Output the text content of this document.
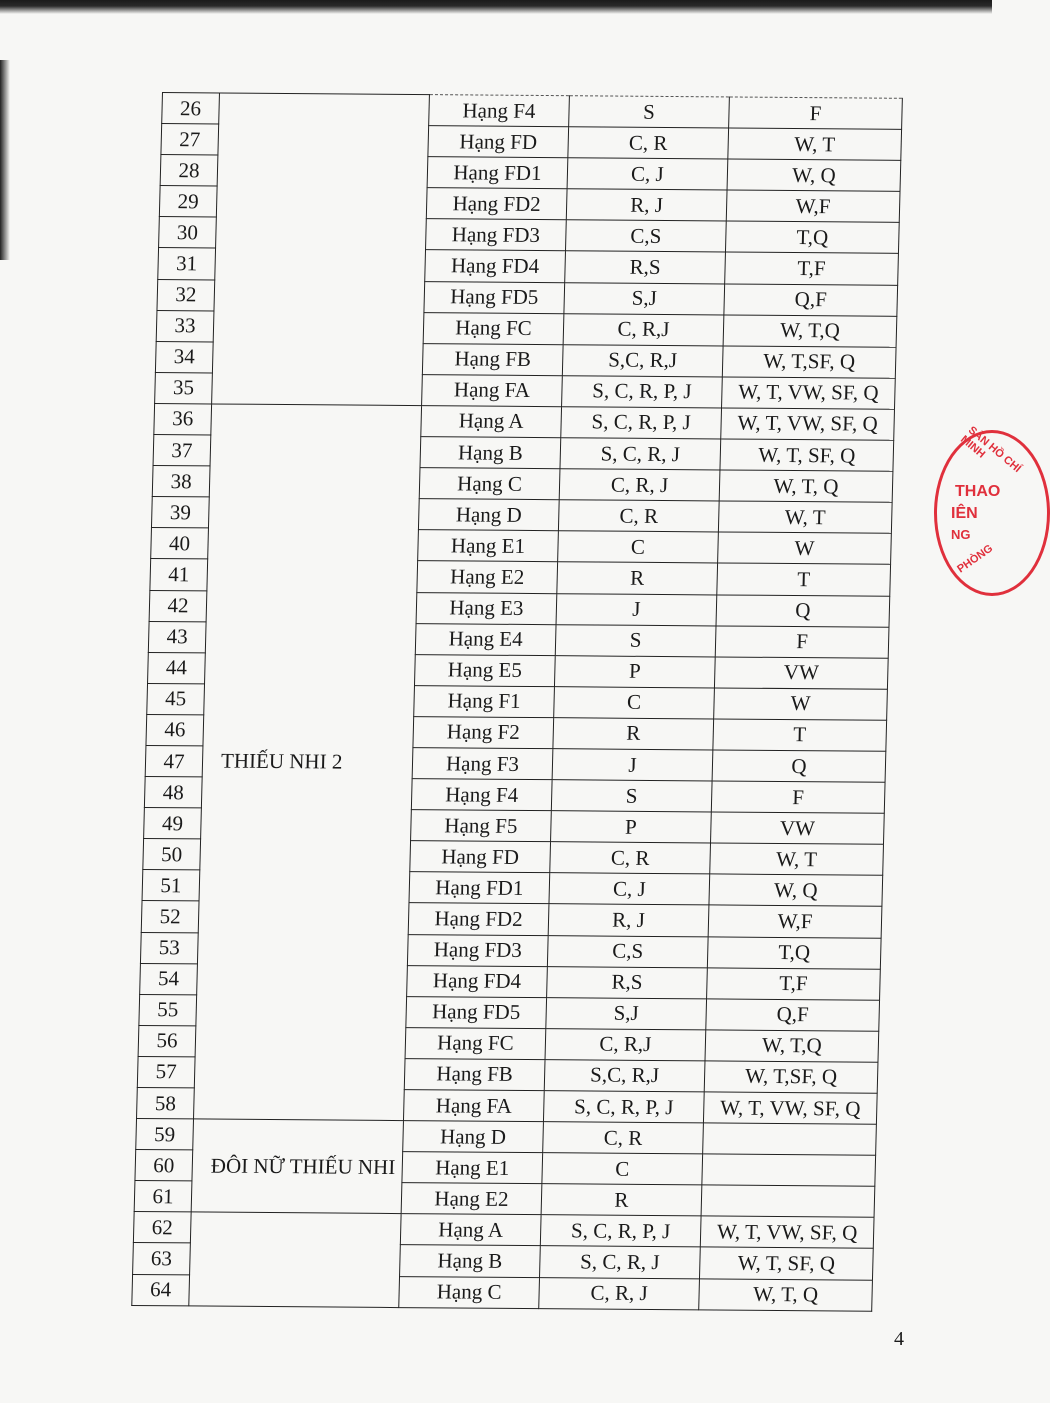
26		Hạng F4	S	F
27		Hạng FD	C, R	W, T
28		Hạng FD1	C, J	W, Q
29		Hạng FD2	R, J	W,F
30		Hạng FD3	C,S	T,Q
31		Hạng FD4	R,S	T,F
32		Hạng FD5	S,J	Q,F
33		Hạng FC	C, R,J	W, T,Q
34		Hạng FB	S,C, R,J	W, T,SF, Q
35		Hạng FA	S, C, R, P, J	W, T, VW, SF, Q
36	THIẾU NHI 2	Hạng A	S, C, R, P, J	W, T, VW, SF, Q
37		Hạng B	S, C, R, J	W, T, SF, Q
38		Hạng C	C, R, J	W, T, Q
39		Hạng D	C, R	W, T
40		Hạng E1	C	W
41		Hạng E2	R	T
42		Hạng E3	J	Q
43		Hạng E4	S	F
44		Hạng E5	P	VW
45		Hạng F1	C	W
46		Hạng F2	R	T
47		Hạng F3	J	Q
48		Hạng F4	S	F
49		Hạng F5	P	VW
50		Hạng FD	C, R	W, T
51		Hạng FD1	C, J	W, Q
52		Hạng FD2	R, J	W,F
53		Hạng FD3	C,S	T,Q
54		Hạng FD4	R,S	T,F
55		Hạng FD5	S,J	Q,F
56		Hạng FC	C, R,J	W, T,Q
57		Hạng FB	S,C, R,J	W, T,SF, Q
58		Hạng FA	S, C, R, P, J	W, T, VW, SF, Q
59	ĐÔI NỮ THIẾU NHI	Hạng D	C, R	
60		Hạng E1	C	
61		Hạng E2	R	
62		Hạng A	S, C, R, P, J	W, T, VW, SF, Q
63		Hạng B	S, C, R, J	W, T, SF, Q
64		Hạng C	C, R, J	W, T, Q
SẢN HỒ CHÍ MINH
THAO
IÊN
NG
PHÒNG
4
